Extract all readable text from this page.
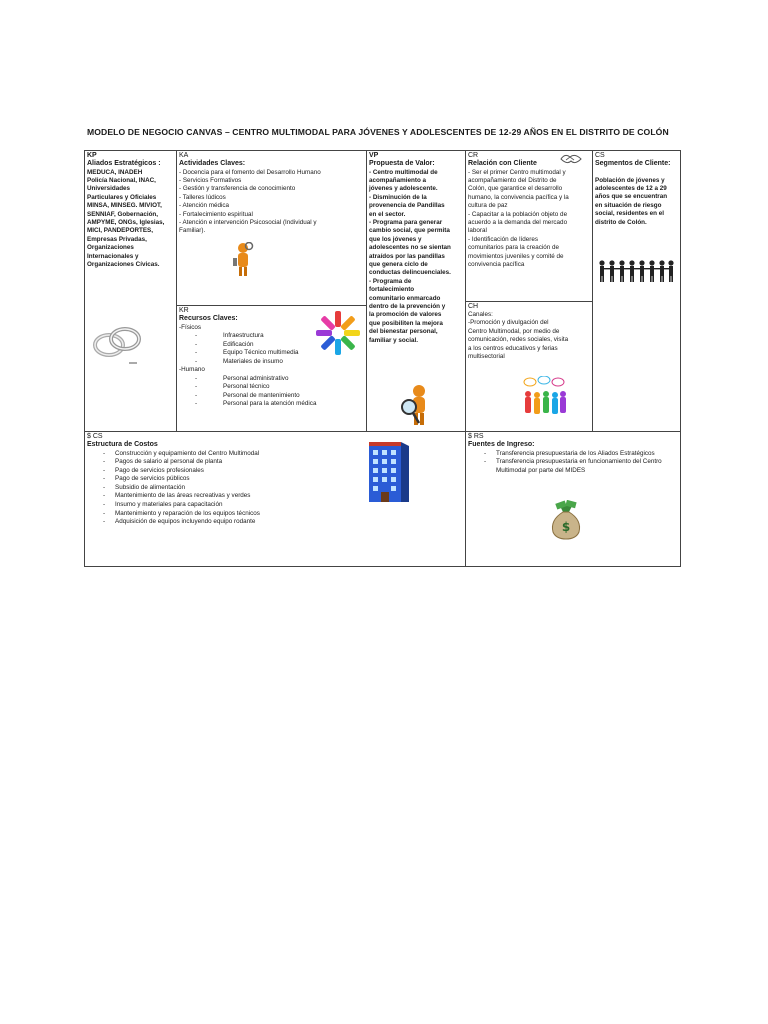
MODELO DE NEGOCIO CANVAS – CENTRO MULTIMODAL PARA JÓVENES Y ADOLESCENTES DE 12-29 AÑOS EN EL DISTRITO DE COLÓN
KP
Aliados Estratégicos :
MEDUCA, INADEH
Policía Nacional, INAC,
Universidades
Particulares y Oficiales
MINSA, MINSEG. MIVIOT,
SENNIAF, Gobernación,
AMPYME, ONGs, Iglesias,
MICI, PANDEPORTES,
Empresas Privadas,
Organizaciones
Internacionales y
Organizaciones Cívicas.
KA
Actividades Claves:
- Docencia para el fomento del Desarrollo Humano
- Servicios Formativos
- Gestión y transferencia de conocimiento
- Talleres lúdicos
- Atención médica
- Fortalecimiento espiritual
- Atención e intervención Psicosocial (Individual y
Familiar).
KR
Recursos Claves:
-Físicos
- Infraestructura
- Edificación
- Equipo Técnico multimedia
- Materiales de insumo
-Humano
- Personal administrativo
- Personal técnico
- Personal de mantenimiento
- Personal para la atención médica
VP
Propuesta de Valor:
- Centro multimodal de
acompañamiento a
jóvenes y adolescente.
- Disminución de la
provenencia de Pandillas
en el sector.
- Programa para generar
cambio social, que permita
que los jóvenes y
adolescentes no se sientan
atraídos por las pandillas
que genera ciclo de
conductas delincuenciales.
- Programa de
fortalecimiento
comunitario enmarcado
dentro de la prevención y
la promoción de valores
que posibiliten la mejora
del bienestar personal,
familiar y social.
CR
Relación con Cliente
- Ser el primer Centro multimodal y
acompañamiento del Distrito de
Colón, que garantice el desarrollo
humano, la convivencia pacífica y la
cultura de paz
- Capacitar a la población objeto de
acuerdo a la demanda del mercado
laboral
- Identificación de líderes
comunitarios para la creación de
movimientos juveniles y comité de
convivencia pacífica
CH
Canales:
-Promoción y divulgación del
Centro Multimodal, por medio de
comunicación, redes sociales, visita
a los centros educativos y ferias
multisectorial
CS
Segmentos de Cliente:
Población de jóvenes y
adolescentes de 12 a 29
años que se encuentran
en situación de riesgo
social, residentes en el
distrito de Colón.
$ CS
Estructura de Costos
- Construcción y equipamiento del Centro Multimodal
- Pagos de salario al personal de planta
- Pago de servicios profesionales
- Pago de servicios públicos
- Subsidio de alimentación
- Mantenimiento de las áreas recreativas y verdes
- Insumo y materiales para capacitación
- Mantenimiento y reparación de los equipos técnicos
- Adquisición de equipos incluyendo equipo rodante
$ RS
Fuentes de Ingreso:
- Transferencia presupuestaria de los Aliados Estratégicos
- Transferencia presupuestaria en funcionamiento del Centro Multimodal por parte del MIDES
$
